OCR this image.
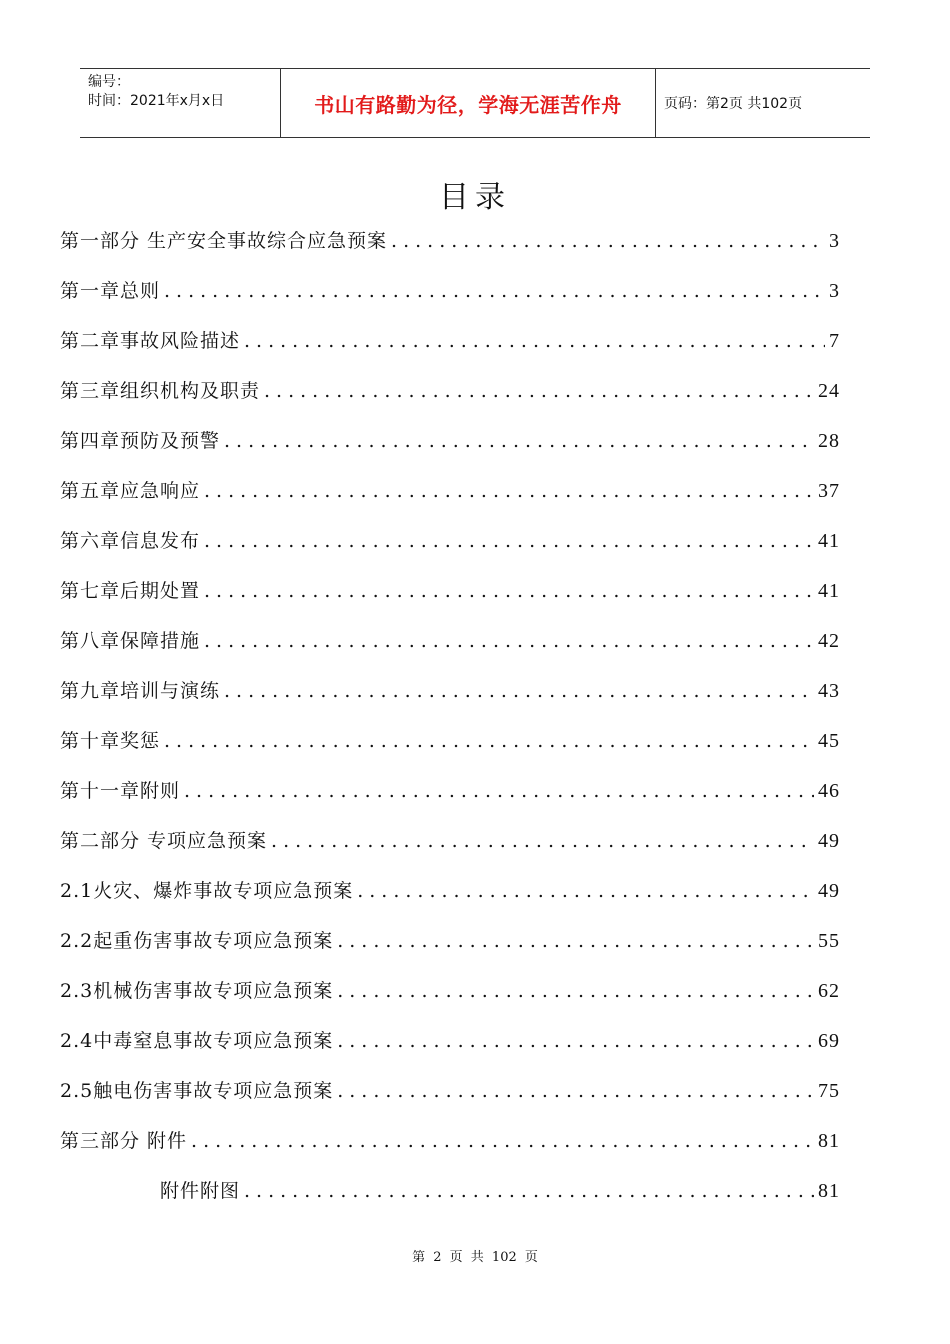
编号：
时间：2021年x月x日	书山有路勤为径，学海无涯苦作舟	页码：第2页 共102页
目录
第一部分 生产安全事故综合应急预案 .....	3
第一章总则 .....	3
第二章事故风险描述 .....	7
第三章组织机构及职责 .....	24
第四章预防及预警 .....	28
第五章应急响应 .....	37
第六章信息发布 .....	41
第七章后期处置 .....	41
第八章保障措施 .....	42
第九章培训与演练 .....	43
第十章奖惩 .....	45
第十一章附则 .....	46
第二部分 专项应急预案 .....	49
2.1火灾、爆炸事故专项应急预案 .....	49
2.2起重伤害事故专项应急预案 .....	55
2.3机械伤害事故专项应急预案 .....	62
2.4中毒窒息事故专项应急预案 .....	69
2.5触电伤害事故专项应急预案 .....	75
第三部分 附件 .....	81
附件附图 .....	81
第 2 页 共 102 页
